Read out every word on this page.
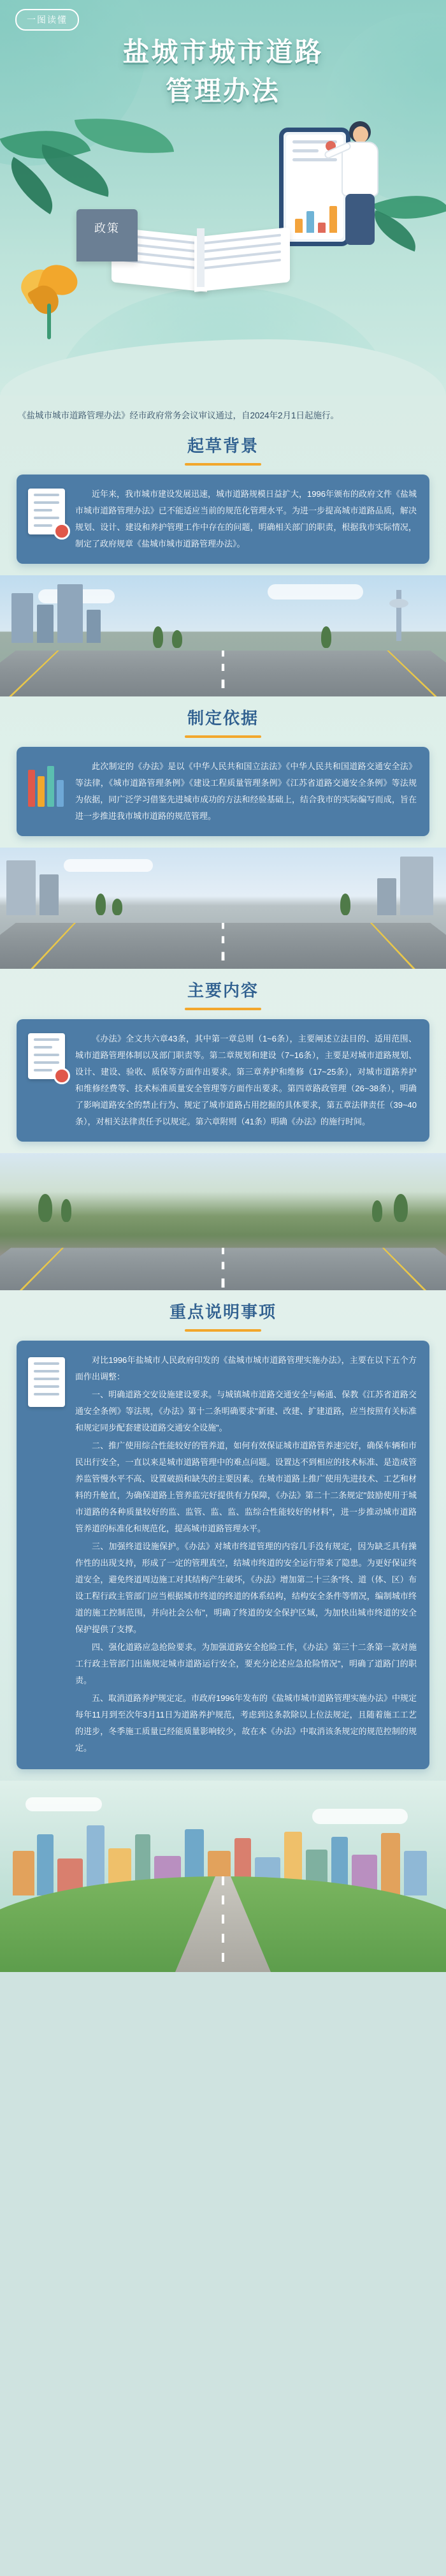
一图读懂
盐城市城市道路
管理办法
政策
《盐城市城市道路管理办法》经市政府常务会议审议通过，自2024年2月1日起施行。
起草背景
近年来，我市城市建设发展迅速，城市道路规模日益扩大，1996年颁布的政府文件《盐城市城市道路管理办法》已不能适应当前的规范化管理水平。为进一步提高城市道路品质，解决规划、设计、建设和养护管理工作中存在的问题，明确相关部门的职责，根据我市实际情况，制定了政府规章《盐城市城市道路管理办法》。
制定依据
此次制定的《办法》是以《中华人民共和国立法法》《中华人民共和国道路交通安全法》等法律，《城市道路管理条例》《建设工程质量管理条例》《江苏省道路交通安全条例》等法规为依据，同广泛学习借鉴先进城市成功的方法和经验基础上，结合我市的实际编写而成，旨在进一步推进我市城市道路的规范管理。
主要内容
《办法》全文共六章43条，其中第一章总则（1~6条），主要阐述立法目的、适用范围、城市道路管理体制以及部门职责等。第二章规划和建设（7~16条），主要是对城市道路规划、设计、建设、验收、质保等方面作出要求。第三章养护和维修（17~25条），对城市道路养护和维修经费等、技术标准质量安全管理等方面作出要求。第四章路政管理（26~38条），明确了影响道路安全的禁止行为、规定了城市道路占用挖掘的具体要求，第五章法律责任（39~40条），对相关法律责任予以规定。第六章附则（41条）明确《办法》的施行时间。
重点说明事项

对比1996年盐城市人民政府印发的《盐城市城市道路管理实施办法》，主要在以下五个方面作出调整：

一、明确道路交安设施建设要求。与城镇城市道路交通安全与畅通、保教《江苏省道路交通安全条例》等法规，《办法》第十二条明确要求"新建、改建、扩建道路，应当按照有关标准和规定同步配套建设道路交通安全设施"。

二、推广使用综合性能较好的管养道，如何有效保证城市道路管养速完好，确保车辆和市民出行安全，一直以来是城市道路管理中的难点问题。设置达不到相应的技术标准、是造成管养监管慢水平不高、设置破损和缺失的主要因素。在城市道路上推广使用先进技术、工艺和材料的升舱直，为确保道路上管养监完好提供有力保障，《办法》第二十二条规定"鼓励使用于城市道路的各种质量较好的监、监管、监、监、监综合性能较好的材料"，进一步推动城市道路管养道的标准化和规范化，提高城市道路管理水平。

三、加强终道设施保护。《办法》对城市终道管理的内容几手没有规定，因为缺乏具有操作性的出现支持，形成了一定的管理真空，结城市终道的安全运行带来了隐患。为更好保证终道安全，避免终道周边施工对其结构产生破坏，《办法》增加第二十三条"终、道（体、区）布设工程行政主管部门应当根据城市终道的终道的体系结构，结构安全条件等情况，编制城市终道的施工控制范围，并向社会公布"，明确了终道的安全保护区域，为加快出城市终道的安全保护提供了支撑。

四、强化道路应急抢险要求。为加强道路安全抢险工作，《办法》第三十二条第一款对施工行政主管部门出施规定城市道路运行安全，要充分论述应急抢险情况"，明确了道路门的职责。

五、取消道路养护规定定。市政府1996年发布的《盐城市城市道路管理实施办法》中规定每年11月到至次年3月11日为道路养护规范，考虑到这条款除以上位法规定，且随着施工工艺的进步，冬季施工质量已经能质量影响较少，故在本《办法》中取消该条规定的规范控制的规定。
